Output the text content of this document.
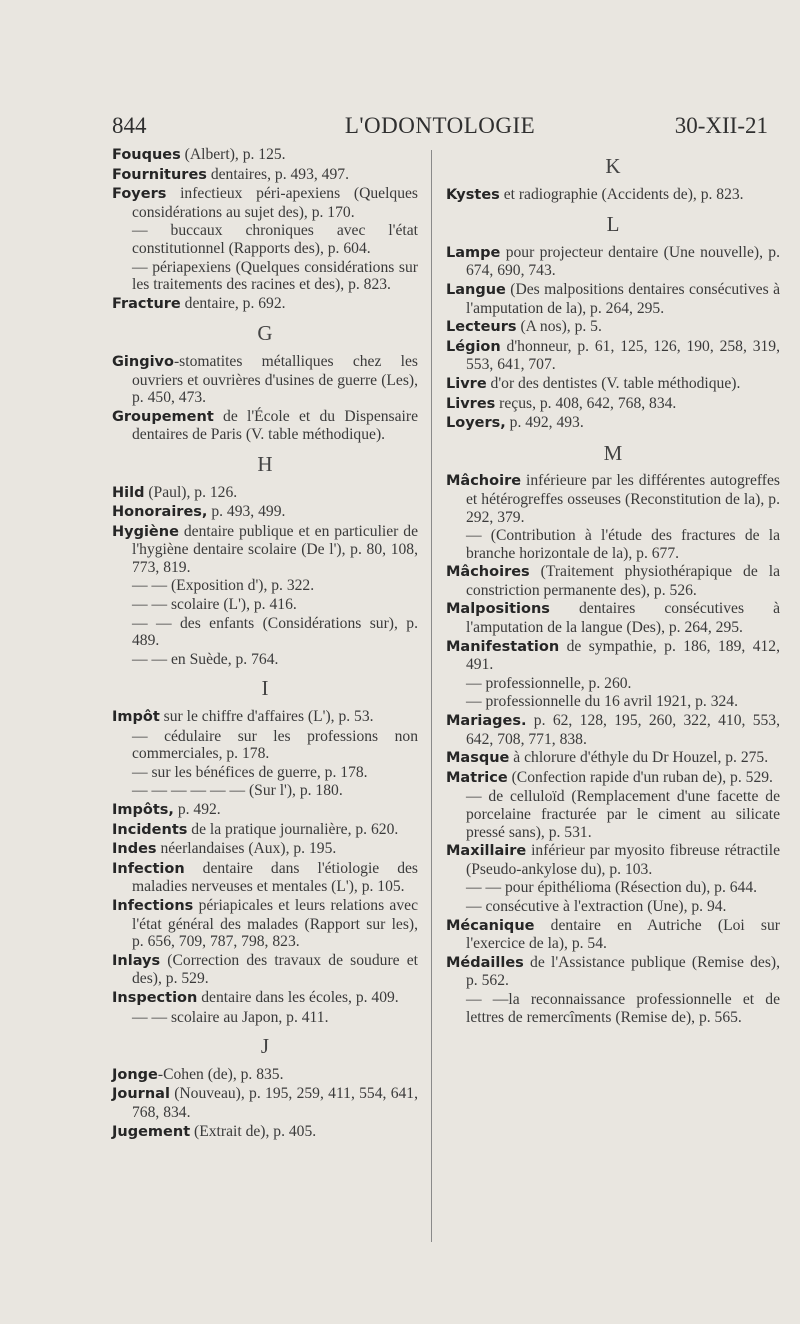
844	L'ODONTOLOGIE	30-XII-21
Fouques (Albert), p. 125.
Fournitures dentaires, p. 493, 497.
Foyers infectieux péri-apexiens (Quelques considérations au sujet des), p. 170.
— buccaux chroniques avec l'état constitutionnel (Rapports des), p. 604.
— périapexiens (Quelques considérations sur les traitements des racines et des), p. 823.
Fracture dentaire, p. 692.
G
Gingivo-stomatites métalliques chez les ouvriers et ouvrières d'usines de guerre (Les), p. 450, 473.
Groupement de l'École et du Dispensaire dentaires de Paris (V. table méthodique).
H
Hild (Paul), p. 126.
Honoraires, p. 493, 499.
Hygiène dentaire publique et en particulier de l'hygiène dentaire scolaire (De l'), p. 80, 108, 773, 819.
— — (Exposition d'), p. 322.
— — scolaire (L'), p. 416.
— — des enfants (Considérations sur), p. 489.
— — en Suède, p. 764.
I
Impôt sur le chiffre d'affaires (L'), p. 53.
— cédulaire sur les professions non commerciales, p. 178.
— sur les bénéfices de guerre, p. 178.
— — — — — — (Sur l'), p. 180.
Impôts, p. 492.
Incidents de la pratique journalière, p. 620.
Indes néerlandaises (Aux), p. 195.
Infection dentaire dans l'étiologie des maladies nerveuses et mentales (L'), p. 105.
Infections périapicales et leurs relations avec l'état général des malades (Rapport sur les), p. 656, 709, 787, 798, 823.
Inlays (Correction des travaux de soudure et des), p. 529.
Inspection dentaire dans les écoles, p. 409.
— — scolaire au Japon, p. 411.
J
Jonge-Cohen (de), p. 835.
Journal (Nouveau), p. 195, 259, 411, 554, 641, 768, 834.
Jugement (Extrait de), p. 405.
K
Kystes et radiographie (Accidents de), p. 823.
L
Lampe pour projecteur dentaire (Une nouvelle), p. 674, 690, 743.
Langue (Des malpositions dentaires consécutives à l'amputation de la), p. 264, 295.
Lecteurs (A nos), p. 5.
Légion d'honneur, p. 61, 125, 126, 190, 258, 319, 553, 641, 707.
Livre d'or des dentistes (V. table méthodique).
Livres reçus, p. 408, 642, 768, 834.
Loyers, p. 492, 493.
M
Mâchoire inférieure par les différentes autogreffes et hétérogreffes osseuses (Reconstitution de la), p. 292, 379.
— (Contribution à l'étude des fractures de la branche horizontale de la), p. 677.
Mâchoires (Traitement physiothérapique de la constriction permanente des), p. 526.
Malpositions dentaires consécutives à l'amputation de la langue (Des), p. 264, 295.
Manifestation de sympathie, p. 186, 189, 412, 491.
— professionnelle, p. 260.
— professionnelle du 16 avril 1921, p. 324.
Mariages. p. 62, 128, 195, 260, 322, 410, 553, 642, 708, 771, 838.
Masque à chlorure d'éthyle du Dr Houzel, p. 275.
Matrice (Confection rapide d'un ruban de), p. 529.
— de celluloïd (Remplacement d'une facette de porcelaine fracturée par le ciment au silicate pressé sans), p. 531.
Maxillaire inférieur par myosito fibreuse rétractile (Pseudo-ankylose du), p. 103.
— — pour épithélioma (Résection du), p. 644.
— consécutive à l'extraction (Une), p. 94.
Mécanique dentaire en Autriche (Loi sur l'exercice de la), p. 54.
Médailles de l'Assistance publique (Remise des), p. 562.
— —la reconnaissance professionnelle et de lettres de remercîments (Remise de), p. 565.
